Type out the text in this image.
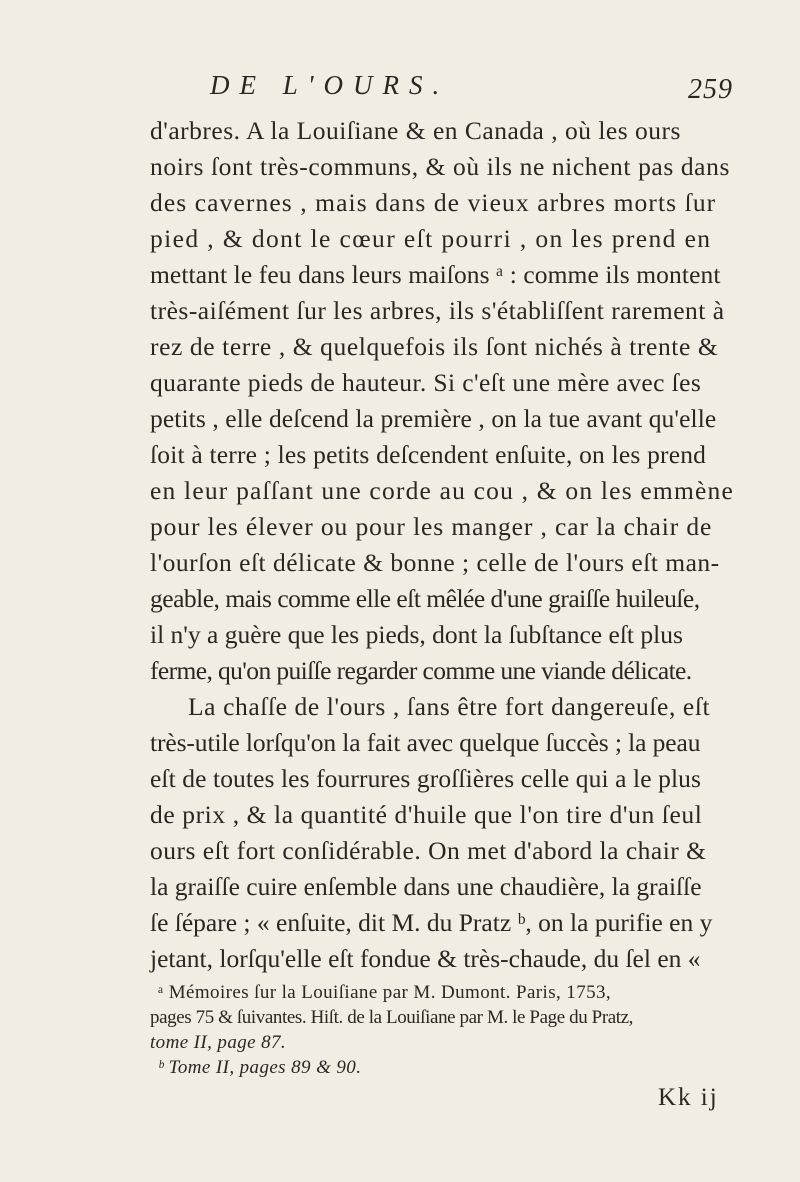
DE L'OURS.	259
d'arbres. A la Louiſiane & en Canada , où les ours
noirs ſont très-communs, & où ils ne nichent pas dans
des cavernes , mais dans de vieux arbres morts ſur
pied , & dont le cœur eſt pourri , on les prend en
mettant le feu dans leurs maiſons ᵃ : comme ils montent
très-aiſément ſur les arbres, ils s'établiſſent rarement à
rez de terre , & quelquefois ils ſont nichés à trente &
quarante pieds de hauteur. Si c'eſt une mère avec ſes
petits , elle deſcend la première , on la tue avant qu'elle
ſoit à terre ; les petits deſcendent enſuite, on les prend
en leur paſſant une corde au cou , & on les emmène
pour les élever ou pour les manger , car la chair de
l'ourſon eſt délicate & bonne ; celle de l'ours eſt man-
geable, mais comme elle eſt mêlée d'une graiſſe huileuſe,
il n'y a guère que les pieds, dont la ſubſtance eſt plus
ferme, qu'on puiſſe regarder comme une viande délicate.
La chaſſe de l'ours , ſans être fort dangereuſe, eſt
très-utile lorſqu'on la fait avec quelque ſuccès ; la peau
eſt de toutes les fourrures groſſières celle qui a le plus
de prix , & la quantité d'huile que l'on tire d'un ſeul
ours eſt fort conſidérable. On met d'abord la chair &
la graiſſe cuire enſemble dans une chaudière, la graiſſe
ſe ſépare ; « enſuite, dit M. du Pratz ᵇ, on la purifie en y
jetant, lorſqu'elle eſt fondue & très-chaude, du ſel en «
ᵃ Mémoires ſur la Louiſiane par M. Dumont. Paris, 1753,
pages 75 & ſuivantes. Hiſt. de la Louiſiane par M. le Page du Pratz,
tome II, page 87.
ᵇ Tome II, pages 89 & 90.
Kk ij
